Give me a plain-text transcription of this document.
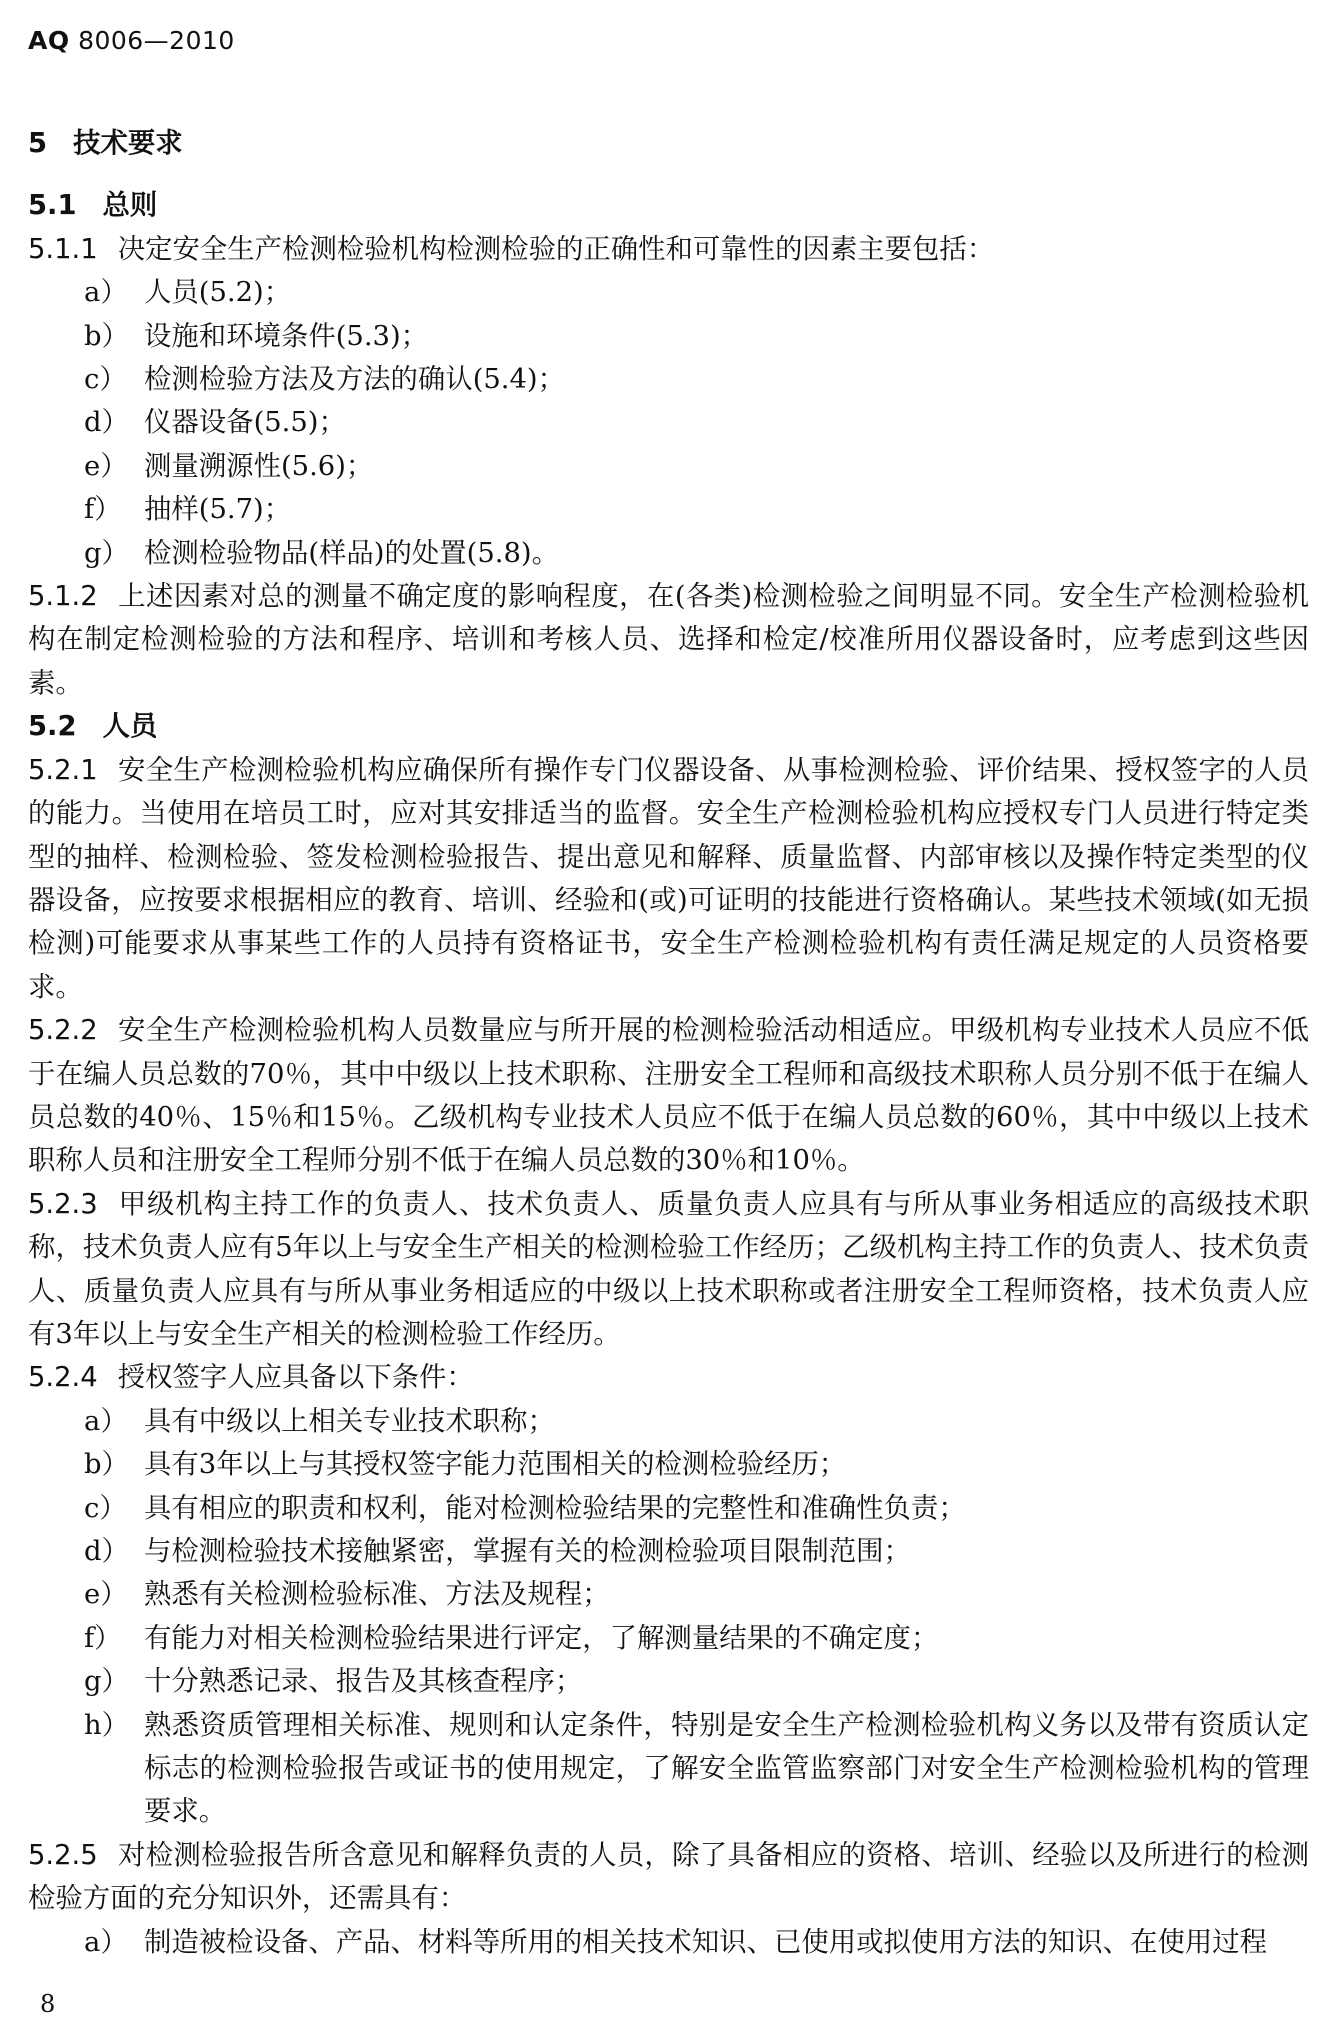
AQ 8006—2010
5 技术要求
5.1 总则
5.1.1 决定安全生产检测检验机构检测检验的正确性和可靠性的因素主要包括：
a） 人员(5.2)；
b） 设施和环境条件(5.3)；
c） 检测检验方法及方法的确认(5.4)；
d） 仪器设备(5.5)；
e） 测量溯源性(5.6)；
f） 抽样(5.7)；
g） 检测检验物品(样品)的处置(5.8)。
5.1.2 上述因素对总的测量不确定度的影响程度，在(各类)检测检验之间明显不同。安全生产检测检验机构在制定检测检验的方法和程序、培训和考核人员、选择和检定/校准所用仪器设备时，应考虑到这些因素。
5.2 人员
5.2.1 安全生产检测检验机构应确保所有操作专门仪器设备、从事检测检验、评价结果、授权签字的人员的能力。当使用在培员工时，应对其安排适当的监督。安全生产检测检验机构应授权专门人员进行特定类型的抽样、检测检验、签发检测检验报告、提出意见和解释、质量监督、内部审核以及操作特定类型的仪器设备，应按要求根据相应的教育、培训、经验和(或)可证明的技能进行资格确认。某些技术领域(如无损检测)可能要求从事某些工作的人员持有资格证书，安全生产检测检验机构有责任满足规定的人员资格要求。
5.2.2 安全生产检测检验机构人员数量应与所开展的检测检验活动相适应。甲级机构专业技术人员应不低于在编人员总数的70％，其中中级以上技术职称、注册安全工程师和高级技术职称人员分别不低于在编人员总数的40％、15％和15％。乙级机构专业技术人员应不低于在编人员总数的60％，其中中级以上技术职称人员和注册安全工程师分别不低于在编人员总数的30％和10％。
5.2.3 甲级机构主持工作的负责人、技术负责人、质量负责人应具有与所从事业务相适应的高级技术职称，技术负责人应有5年以上与安全生产相关的检测检验工作经历；乙级机构主持工作的负责人、技术负责人、质量负责人应具有与所从事业务相适应的中级以上技术职称或者注册安全工程师资格，技术负责人应有3年以上与安全生产相关的检测检验工作经历。
5.2.4 授权签字人应具备以下条件：
a） 具有中级以上相关专业技术职称；
b） 具有3年以上与其授权签字能力范围相关的检测检验经历；
c） 具有相应的职责和权利，能对检测检验结果的完整性和准确性负责；
d） 与检测检验技术接触紧密，掌握有关的检测检验项目限制范围；
e） 熟悉有关检测检验标准、方法及规程；
f） 有能力对相关检测检验结果进行评定，了解测量结果的不确定度；
g） 十分熟悉记录、报告及其核查程序；
h） 熟悉资质管理相关标准、规则和认定条件，特别是安全生产检测检验机构义务以及带有资质认定标志的检测检验报告或证书的使用规定，了解安全监管监察部门对安全生产检测检验机构的管理要求。
5.2.5 对检测检验报告所含意见和解释负责的人员，除了具备相应的资格、培训、经验以及所进行的检测检验方面的充分知识外，还需具有：
a） 制造被检设备、产品、材料等所用的相关技术知识、已使用或拟使用方法的知识、在使用过程
8
